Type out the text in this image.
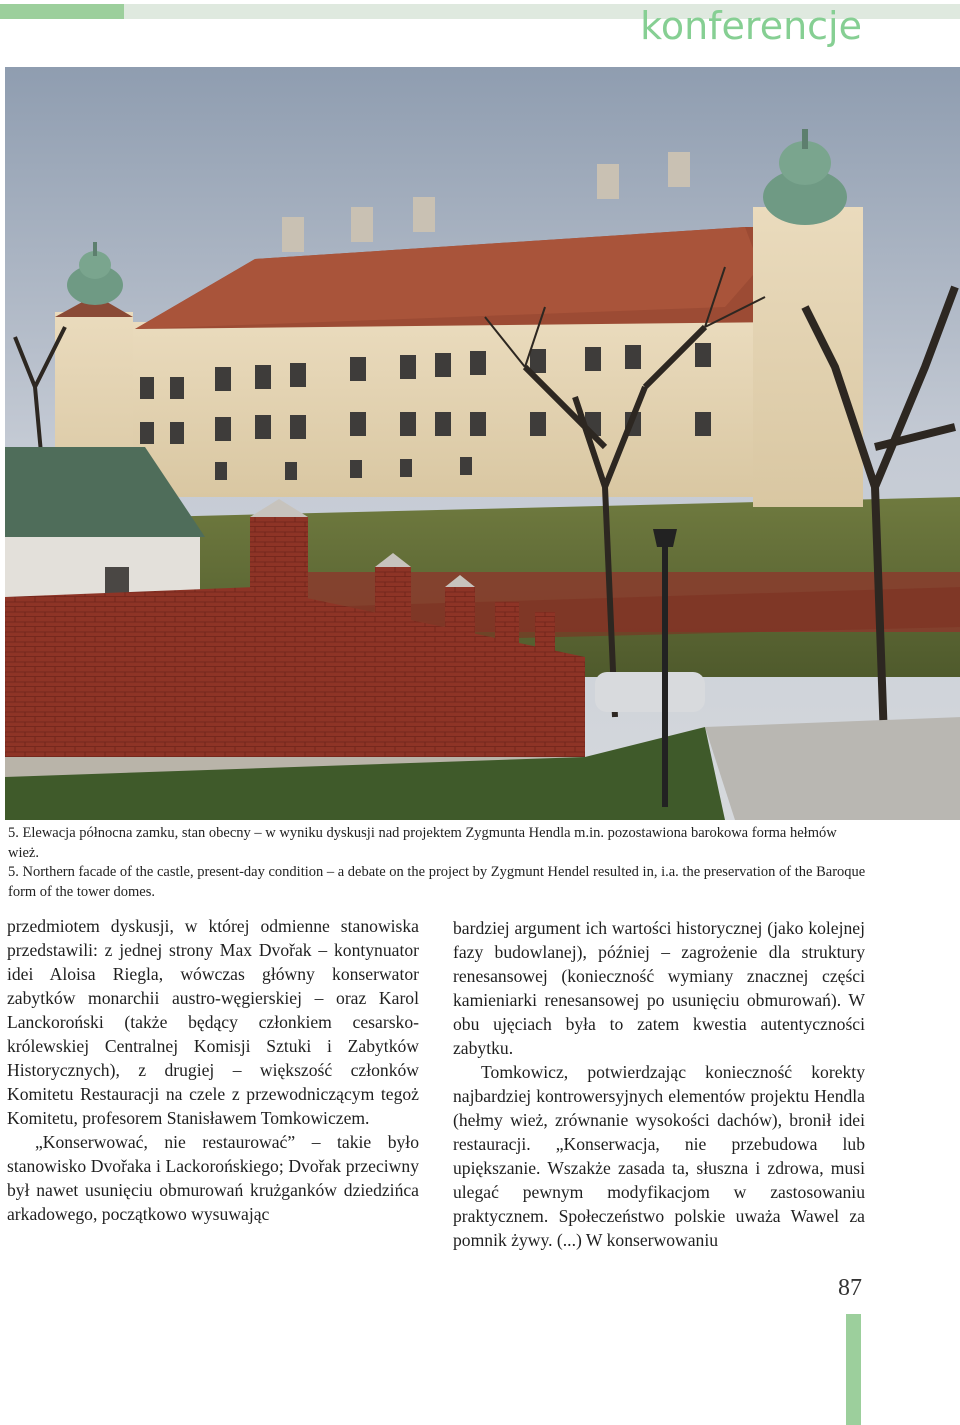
konferencje

5. Elewacja północna zamku, stan obecny – w wyniku dyskusji nad projektem Zygmunta Hendla m.in. pozostawiona barokowa forma hełmów wież.

5. Northern facade of the castle, present-day condition – a debate on the project by Zygmunt Hendel resulted in, i.a. the preservation of the Baroque form of the tower domes.

przedmiotem dyskusji, w której odmienne stanowiska przedstawili: z jednej strony Max Dvořak – kontynuator idei Aloisa Riegla, wówczas główny konserwator zabytków monarchii austro-węgierskiej – oraz Karol Lanckoroński (także będący członkiem cesarsko-królewskiej Centralnej Komisji Sztuki i Zabytków Historycznych), z drugiej – większość członków Komitetu Restauracji na czele z przewodniczącym tegoż Komitetu, profesorem Stanisławem Tomkowiczem.

„Konserwować, nie restaurować” – takie było stanowisko Dvořaka i Lackorońskiego; Dvořak przeciwny był nawet usunięciu obmurowań krużganków dziedzińca arkadowego, początkowo wysuwając

bardziej argument ich wartości historycznej (jako kolejnej fazy budowlanej), później – zagrożenie dla struktury renesansowej (konieczność wymiany znacznej części kamieniarki renesansowej po usunięciu obmurowań). W obu ujęciach była to zatem kwestia autentyczności zabytku.

Tomkowicz, potwierdzając konieczność korekty najbardziej kontrowersyjnych elementów projektu Hendla (hełmy wież, zrównanie wysokości dachów), bronił idei restauracji. „Konserwacja, nie przebudowa lub upiększanie. Wszakże zasada ta, słuszna i zdrowa, musi ulegać pewnym modyfikacjom w zastosowaniu praktycznem. Społeczeństwo polskie uważa Wawel za pomnik żywy. (...) W konserwowaniu

87
